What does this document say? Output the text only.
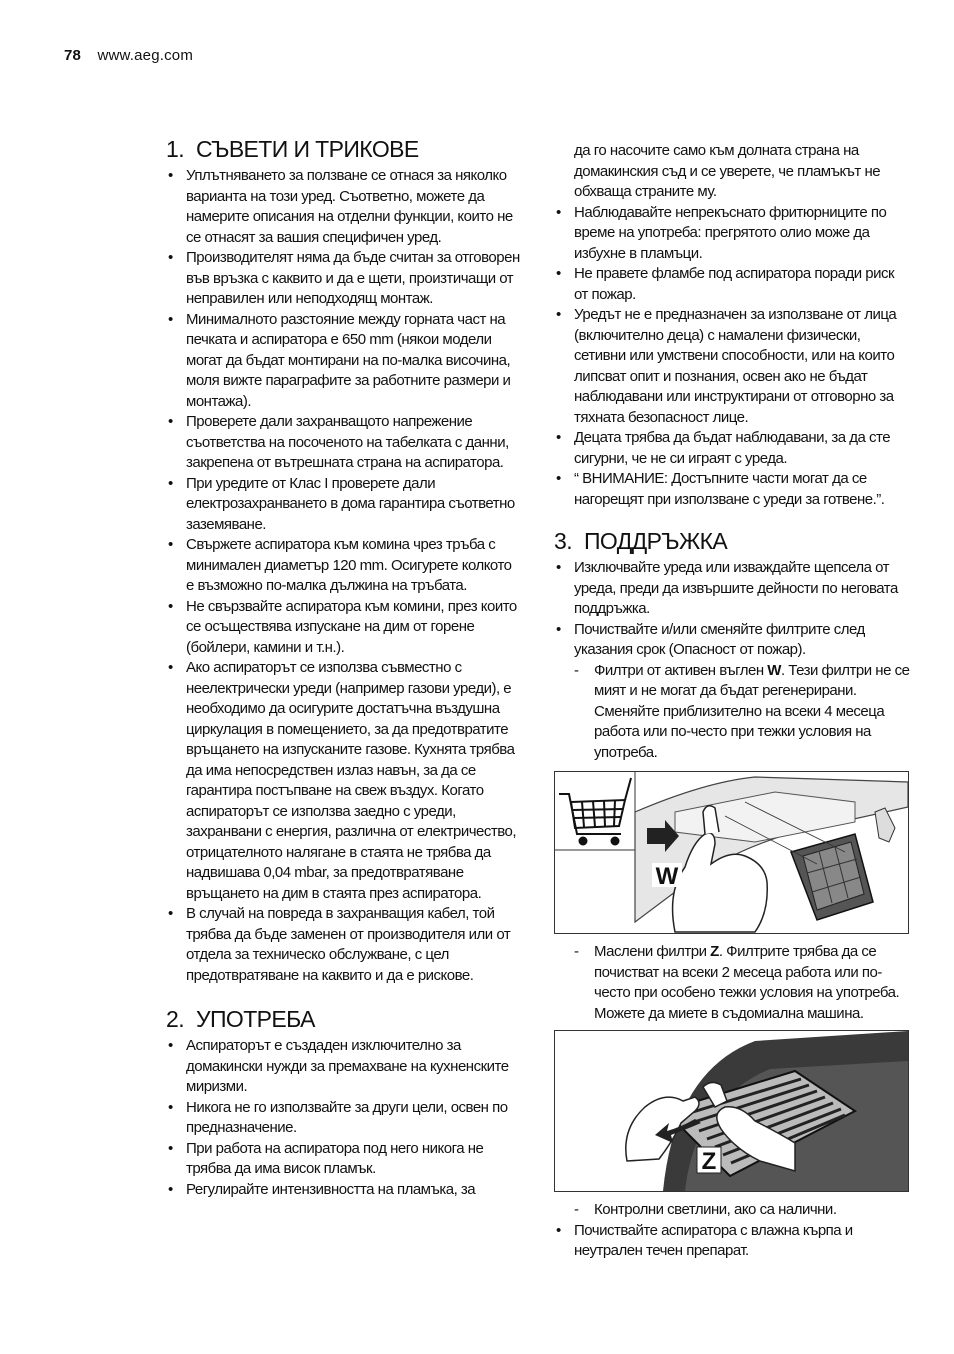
78 www.aeg.com
1. СЪВЕТИ И ТРИКОВЕ
• Уплътняването за ползване се отнася за няколко варианта на този уред. Съответно, можете да намерите описания на отделни функции, които не се отнасят за вашия специфичен уред.
• Производителят няма да бъде считан за отговорен във връзка с каквито и да е щети, произтичащи от неправилен или неподходящ монтаж.
• Минималното разстояние между горната част на печката и аспиратора е 650 mm (някои модели могат да бъдат монтирани на по-малка височина, моля вижте параграфите за работните размери и монтажа).
• Проверете дали захранващото напрежение съответства на посоченото на табелката с данни, закрепена от вътрешната страна на аспиратора.
• При уредите от Клас I проверете дали електрозахранването в дома гарантира съответно заземяване.
• Свържете аспиратора към комина чрез тръба с минимален диаметър 120 mm. Осигурете колкото е възможно по-малка дължина на тръбата.
• Не свързвайте аспиратора към комини, през които се осъществява изпускане на дим от горене (бойлери, камини и т.н.).
• Ако аспираторът се използва съвместно с неелектрически уреди (например газови уреди), е необходимо да осигурите достатъчна въздушна циркулация в помещението, за да предотвратите връщането на изпусканите газове. Кухнята трябва да има непосредствен излаз навън, за да се гарантира постъпване на свеж въздух. Когато аспираторът се използва заедно с уреди, захранвани с енергия, различна от електричество, отрицателното налягане в стаята не трябва да надвишава 0,04 mbar, за предотвратяване връщането на дим в стаята през аспиратора.
• В случай на повреда в захранващия кабел, той трябва да бъде заменен от производителя или от отдела за техническо обслужване, с цел предотвратяване на каквито и да е рискове.
2. УПОТРЕБА
• Аспираторът е създаден изключително за домакински нужди за премахване на кухненските миризми.
• Никога не го използвайте за други цели, освен по предназначение.
• При работа на аспиратора под него никога не трябва да има висок пламък.
• Регулирайте интензивността на пламъка, за
да го насочите само към долната страна на домакинския съд и се уверете, че пламъкът не обхваща страните му.
• Наблюдавайте непрекъснато фритюрниците по време на употреба: прегрятото олио може да избухне в пламъци.
• Не правете фламбе под аспиратора поради риск от пожар.
• Уредът не е предназначен за използване от лица (включително деца) с намалени физически, сетивни или умствени способности, или на които липсват опит и познания, освен ако не бъдат наблюдавани или инструктирани от отговорно за тяхната безопасност лице.
• Децата трябва да бъдат наблюдавани, за да сте сигурни, че не си играят с уреда.
• “ ВНИМАНИЕ: Достъпните части могат да се нагорещят при използване с уреди за готвене.”.
3. ПОДДРЪЖКА
• Изключвайте уреда или изваждайте щепсела от уреда, преди да извършите дейности по неговата поддръжка.
• Почиствайте и/или сменяйте филтрите след указания срок (Опасност от пожар).
- Филтри от активен въглен W. Тези филтри не се мият и не могат да бъдат регенерирани. Сменяйте приблизително на всеки 4 месеца работа или по-често при тежки условия на употреба.
W
- Маслени филтри Z. Филтрите трябва да се почистват на всеки 2 месеца работа или по-често при особено тежки условия на употреба. Можете да миете в съдомиална машина.
Z
- Контролни светлини, ако са налични.
• Почиствайте аспиратора с влажна кърпа и неутрален течен препарат.
